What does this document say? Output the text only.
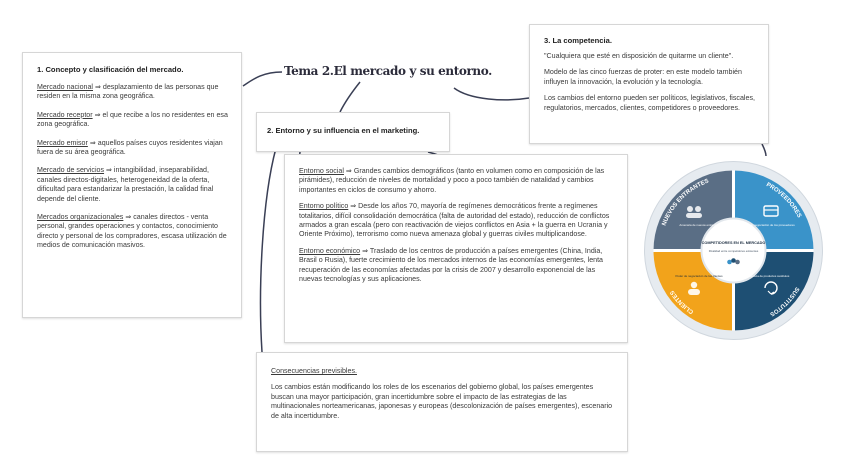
Tema 2.El mercado y su entorno.

1. Concepto y clasificación del mercado.

Mercado nacional ⇒ desplazamiento de las personas que residen en la misma zona geográfica.

Mercado receptor ⇒ el que recibe a los no residentes en esa zona geográfica.

Mercado emisor ⇒ aquellos países cuyos residentes viajan fuera de su área geográfica.

Mercado de servicios ⇒ intangibilidad, inseparabilidad, canales directos-digitales, heterogeneidad de la oferta, dificultad para estandarizar la prestación, la calidad final depende del cliente.

Mercados organizacionales ⇒ canales directos - venta personal, grandes operaciones y contactos, conocimiento directo y personal de los compradores, escasa utilización de medios de comunicación masivos.

2. Entorno y su influencia en el marketing.

3. La competencia.

"Cualquiera que esté en disposición de quitarme un cliente".

Modelo de las cinco fuerzas de proter: en este modelo también influyen la innovación, la evolución y la tecnología.

Los cambios del entorno pueden ser políticos, legislativos, fiscales, regulatorios, mercados, clientes, competidores o proveedores.

Entorno social ⇒ Grandes cambios demográficos (tanto en volumen como en composición de las pirámides), reducción de niveles de mortalidad y poco a poco también de natalidad y cambios importantes en ciclos de consumo y ahorro.

Entorno político ⇒ Desde los años 70, mayoría de regímenes democráticos frente a regímenes totalitarios, difícil consolidación democrática (falta de autoridad del estado), reducción de conflictos armados a gran escala (pero con reactivación de viejos conflictos en Asia + la guerra en Ucrania y Oriente Próximo), terrorismo como nueva amenaza global y guerras civiles multiplicandose.

Entorno económico ⇒ Traslado de los centros de producción a países emergentes (China, India, Brasil o Rusia), fuerte crecimiento de los mercados internos de las economías emergentes, lenta recuperación de las economías afectadas por la crisis de 2007 y desarrollo exponencial de las nuevas tecnologías y sus aplicaciones.

Consecuencias previsibles.

Los cambios están modificando los roles de los escenarios del gobierno global, los países emergentes buscan una mayor participación, gran incertidumbre sobre el impacto de las estrategias de las multinacionales norteamericanas, japonesas y europeas (descolonización de países emergentes), escenario de alta incertidumbre.

NUEVOS ENTRANTES
PROVEEDORES
SUSTITUTOS
CLIENTES
Amenaza de nuevos entrantes	Poder de negociación de los proveedores
Amenaza de productos sustitutos
Poder de negociación de los clientes
COMPETIDORES EN EL MERCADO
Rivalidad entre competidores existentes
